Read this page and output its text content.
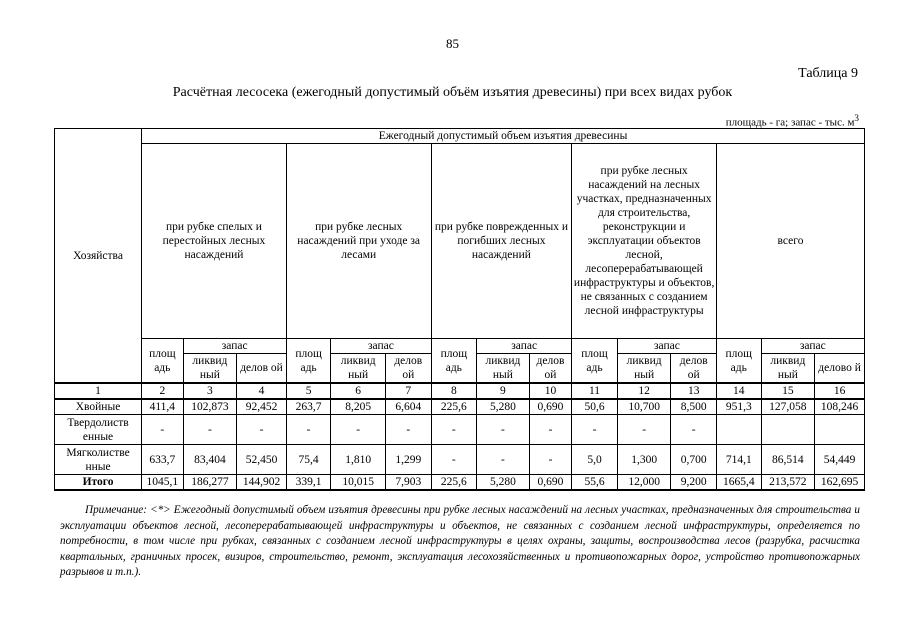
85
Таблица 9
Расчётная лесосека (ежегодный допустимый объём изъятия древесины) при всех видах рубок
площадь - га; запас - тыс. $м^3$
Хозяйства	Ежегодный допустимый объем изъятия древесины														
	при рубке спелых и перестойных лесных насаждений			при рубке лесных насаждений при уходе за лесами			при рубке поврежденных и погибших лесных насаждений			при рубке лесных насаждений на лесных участках, предназначенных для строительства, реконструкции и эксплуатации объектов лесной, лесоперерабатывающей инфраструктуры и объектов, не связанных с созданием лесной инфраструктуры			всего		
	площ адь	запас		площ адь	запас		площ адь	запас		площ адь	запас		площ адь	запас	
		ликвид ный	делов ой		ликвид ный	делов ой		ликвид ный	делов ой		ликвид ный	делов ой		ликвид ный	делово й
1	2	3	4	5	6	7	8	9	10	11	12	13	14	15	16
Хвойные	411,4	102,873	92,452	263,7	8,205	6,604	225,6	5,280	0,690	50,6	10,700	8,500	951,3	127,058	108,246
Твердолиств енные	-	-	-	-	-	-	-	-	-	-	-	-			
Мягколистве нные	633,7	83,404	52,450	75,4	1,810	1,299	-	-	-	5,0	1,300	0,700	714,1	86,514	54,449
Итого	1045,1	186,277	144,902	339,1	10,015	7,903	225,6	5,280	0,690	55,6	12,000	9,200	1665,4	213,572	162,695
Примечание: <*> Ежегодный допустимый объем изъятия древесины при рубке лесных насаждений на лесных участках, предназначенных для строительства и эксплуатации объектов лесной, лесоперерабатывающей инфраструктуры и объектов, не связанных с созданием лесной инфраструктуры, определяется по потребности, в том числе при рубках, связанных с созданием лесной инфраструктуры в целях охраны, защиты, воспроизводства лесов (разрубка, расчистка квартальных, граничных просек, визиров, строительство, ремонт, эксплуатация лесохозяйственных и противопожарных дорог, устройство противопожарных разрывов и т.п.).
